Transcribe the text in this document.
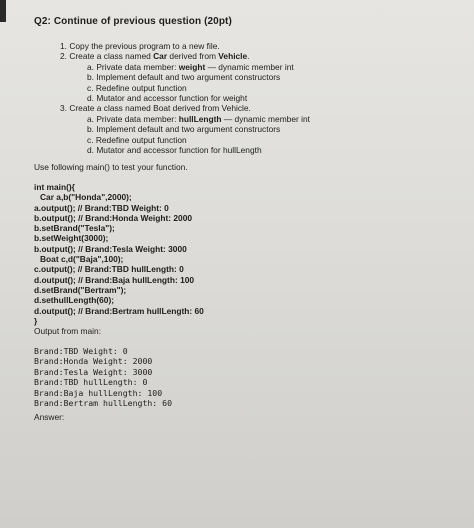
Q2: Continue of previous question (20pt)
1. Copy the previous program to a new file.
2. Create a class named Car derived from Vehicle.
a. Private data member: weight — dynamic member int
b. Implement default and two argument constructors
c. Redefine output function
d. Mutator and accessor function for weight
3. Create a class named Boat derived from Vehicle.
a. Private data member: hullLength — dynamic member int
b. Implement default and two argument constructors
c. Redefine output function
d. Mutator and accessor function for hullLength
Use following main() to test your function.
int main(){
Car a,b("Honda",2000);
a.output(); // Brand:TBD Weight: 0
b.output(); // Brand:Honda Weight: 2000
b.setBrand("Tesla");
b.setWeight(3000);
b.output(); // Brand:Tesla Weight: 3000
Boat c,d("Baja",100);
c.output(); // Brand:TBD hullLength: 0
d.output(); // Brand:Baja hullLength: 100
d.setBrand("Bertram");
d.sethullLength(60);
d.output(); // Brand:Bertram hullLength: 60
}
Output from main:
Brand:TBD Weight: 0
Brand:Honda Weight: 2000
Brand:Tesla Weight: 3000
Brand:TBD hullLength: 0
Brand:Baja hullLength: 100
Brand:Bertram hullLength: 60
Answer:
